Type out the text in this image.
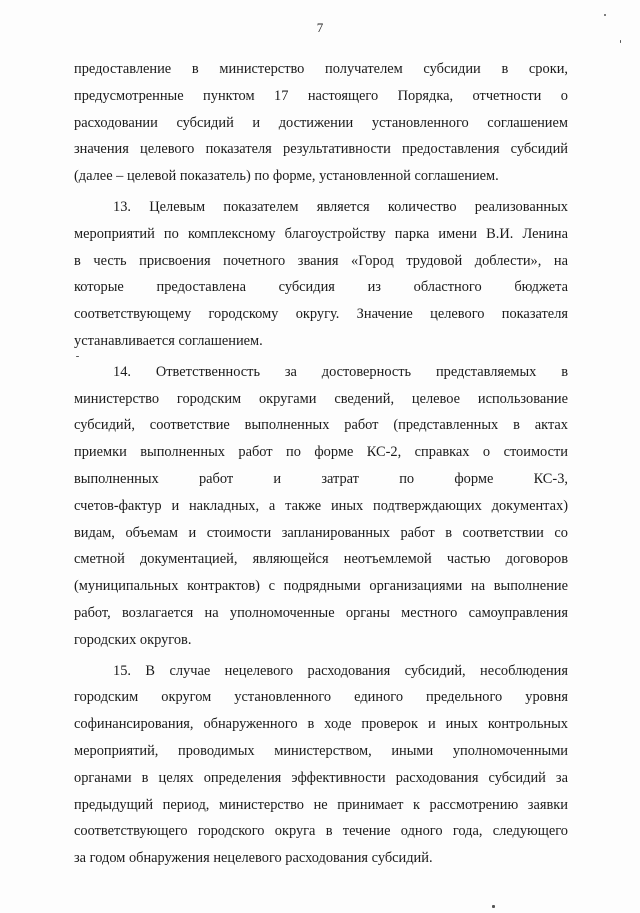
7
предоставление в министерство получателем субсидии в сроки,
предусмотренные пунктом 17 настоящего Порядка, отчетности о
расходовании субсидий и достижении установленного соглашением
значения целевого показателя результативности предоставления субсидий
(далее – целевой показатель) по форме, установленной соглашением.
13. Целевым показателем является количество реализованных
мероприятий по комплексному благоустройству парка имени В.И. Ленина
в честь присвоения почетного звания «Город трудовой доблести», на
которые предоставлена субсидия из областного бюджета
соответствующему городскому округу. Значение целевого показателя
устанавливается соглашением.
14. Ответственность за достоверность представляемых в
министерство городским округами сведений, целевое использование
субсидий, соответствие выполненных работ (представленных в актах
приемки выполненных работ по форме КС-2, справках о стоимости
выполненных работ и затрат по форме КС-3,
счетов-фактур и накладных, а также иных подтверждающих документах)
видам, объемам и стоимости запланированных работ в соответствии со
сметной документацией, являющейся неотъемлемой частью договоров
(муниципальных контрактов) с подрядными организациями на выполнение
работ, возлагается на уполномоченные органы местного самоуправления
городских округов.
15. В случае нецелевого расходования субсидий, несоблюдения
городским округом установленного единого предельного уровня
софинансирования, обнаруженного в ходе проверок и иных контрольных
мероприятий, проводимых министерством, иными уполномоченными
органами в целях определения эффективности расходования субсидий за
предыдущий период, министерство не принимает к рассмотрению заявки
соответствующего городского округа в течение одного года, следующего
за годом обнаружения нецелевого расходования субсидий.
